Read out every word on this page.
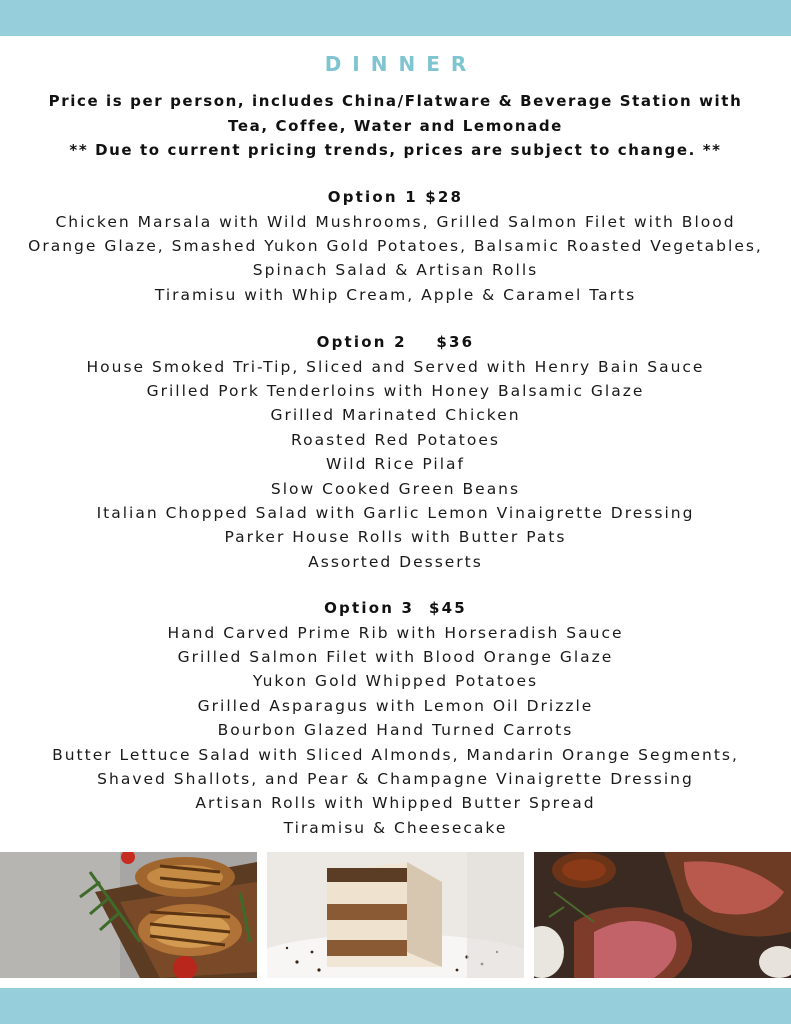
DINNER
Price is per person, includes China/Flatware & Beverage Station with
Tea, Coffee, Water and Lemonade
** Due to current pricing trends, prices are subject to change. **
Option 1 $28
Chicken Marsala with Wild Mushrooms, Grilled Salmon Filet with Blood
Orange Glaze, Smashed Yukon Gold Potatoes, Balsamic Roasted Vegetables,
Spinach Salad & Artisan Rolls
Tiramisu with Whip Cream, Apple & Caramel Tarts
Option 2    $36
House Smoked Tri-Tip, Sliced and Served with Henry Bain Sauce
Grilled Pork Tenderloins with Honey Balsamic Glaze
Grilled Marinated Chicken
Roasted Red Potatoes
Wild Rice Pilaf
Slow Cooked Green Beans
Italian Chopped Salad with Garlic Lemon Vinaigrette Dressing
Parker House Rolls with Butter Pats
Assorted Desserts
Option 3  $45
Hand Carved Prime Rib with Horseradish Sauce
Grilled Salmon Filet with Blood Orange Glaze
Yukon Gold Whipped Potatoes
Grilled Asparagus with Lemon Oil Drizzle
Bourbon Glazed Hand Turned Carrots
Butter Lettuce Salad with Sliced Almonds, Mandarin Orange Segments,
Shaved Shallots, and Pear & Champagne Vinaigrette Dressing
Artisan Rolls with Whipped Butter Spread
Tiramisu & Cheesecake
